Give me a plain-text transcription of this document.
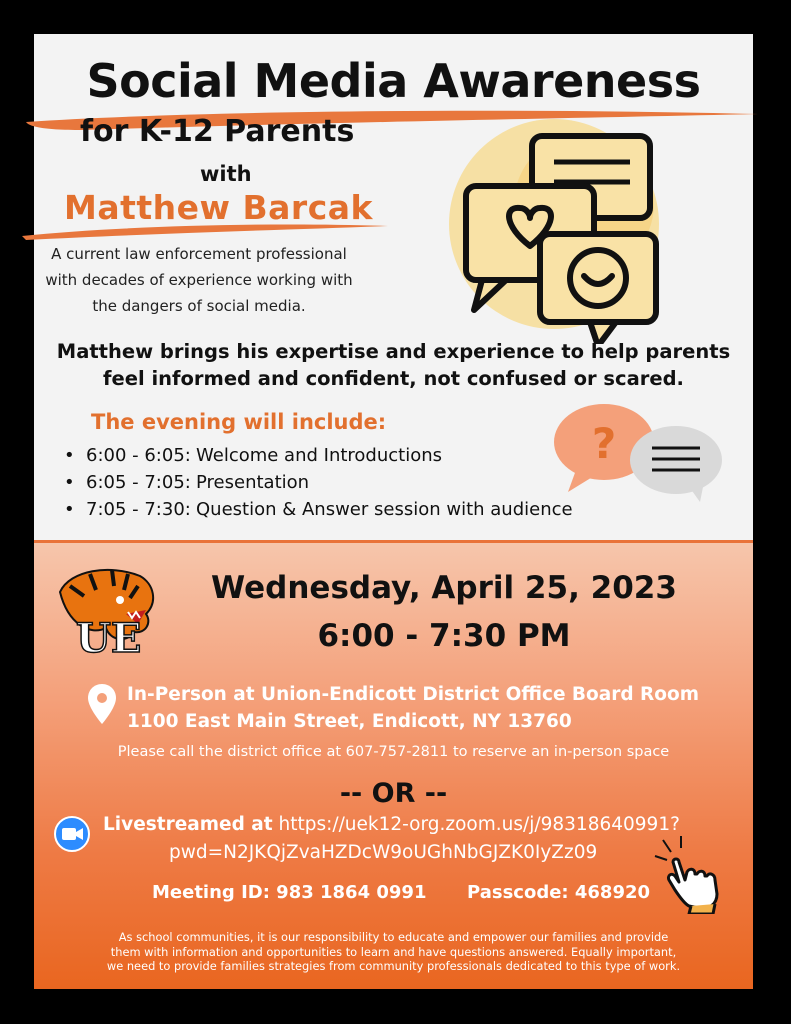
Social Media Awareness
for K-12 Parents
with
Matthew Barcak
A current law enforcement professional with decades of experience working with the dangers of social media.
Matthew brings his expertise and experience to help parents
feel informed and confident, not confused or scared.
The evening will include:
• 6:00 - 6:05: Welcome and Introductions
• 6:05 - 7:05: Presentation
• 7:05 - 7:30: Question & Answer session with audience
?
UE
Wednesday, April 25, 2023
6:00 - 7:30 PM
In-Person at Union-Endicott District Office Board Room
1100 East Main Street, Endicott, NY 13760
Please call the district office at 607-757-2811 to reserve an in-person space
-- OR --
Livestreamed at https://uek12-org.zoom.us/j/98318640991?
pwd=N2JKQjZvaHZDcW9oUGhNbGJZK0IyZz09
Meeting ID: 983 1864 0991 Passcode: 468920
As school communities, it is our responsibility to educate and empower our families and provide
them with information and opportunities to learn and have questions answered. Equally important,
we need to provide families strategies from community professionals dedicated to this type of work.
